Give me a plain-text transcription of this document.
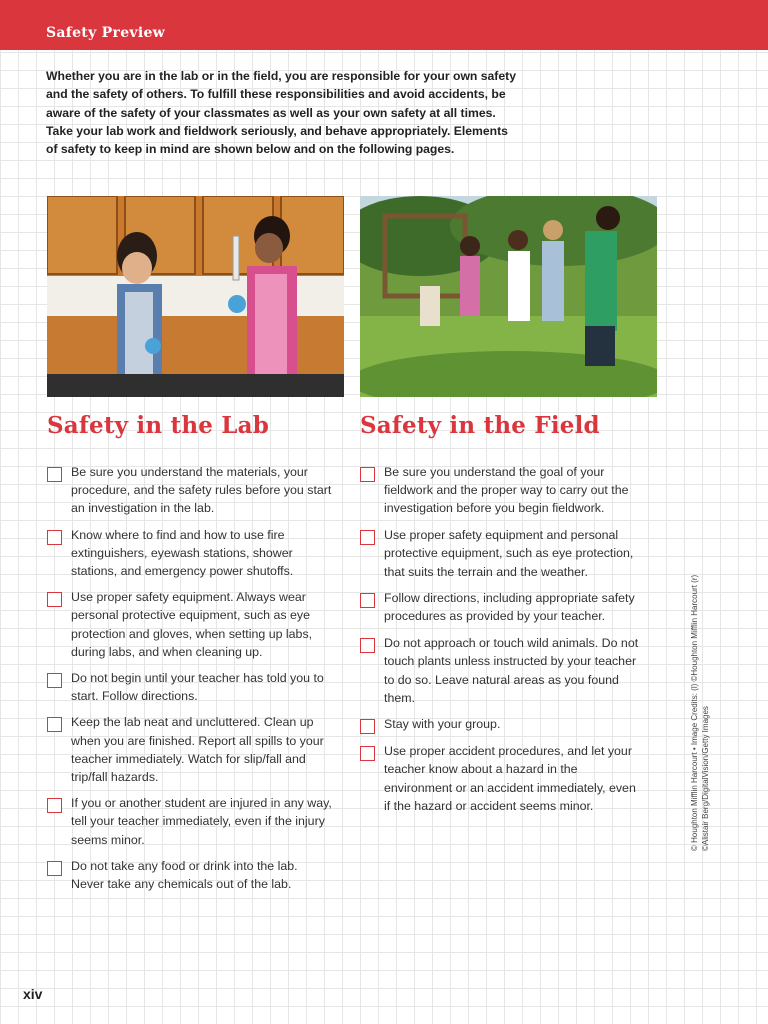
Safety Preview

Whether you are in the lab or in the field, you are responsible for your own safety and the safety of others. To fulfill these responsibilities and avoid accidents, be aware of the safety of your classmates as well as your own safety at all times. Take your lab work and fieldwork seriously, and behave appropriately. Elements of safety to keep in mind are shown below and on the following pages.

Safety in the Lab	Safety in the Field
Be sure you understand the materials, your procedure, and the safety rules before you start an investigation in the lab.
Know where to find and how to use fire extinguishers, eyewash stations, shower stations, and emergency power shutoffs.
Use proper safety equipment. Always wear personal protective equipment, such as eye protection and gloves, when setting up labs, during labs, and when cleaning up.
Do not begin until your teacher has told you to start. Follow directions.
Keep the lab neat and uncluttered. Clean up when you are finished. Report all spills to your teacher immediately. Watch for slip/fall and trip/fall hazards.
If you or another student are injured in any way, tell your teacher immediately, even if the injury seems minor.
Do not take any food or drink into the lab. Never take any chemicals out of the lab.
Be sure you understand the goal of your fieldwork and the proper way to carry out the investigation before you begin fieldwork.
Use proper safety equipment and personal protective equipment, such as eye protection, that suits the terrain and the weather.
Follow directions, including appropriate safety procedures as provided by your teacher.
Do not approach or touch wild animals. Do not touch plants unless instructed by your teacher to do so. Leave natural areas as you found them.
Stay with your group.
Use proper accident procedures, and let your teacher know about a hazard in the environment or an accident immediately, even if the hazard or accident seems minor.	© Houghton Mifflin Harcourt • Image Credits: (l) ©Houghton Mifflin Harcourt (r) ©Alistair Berg/DigitalVision/Getty Images
xiv
